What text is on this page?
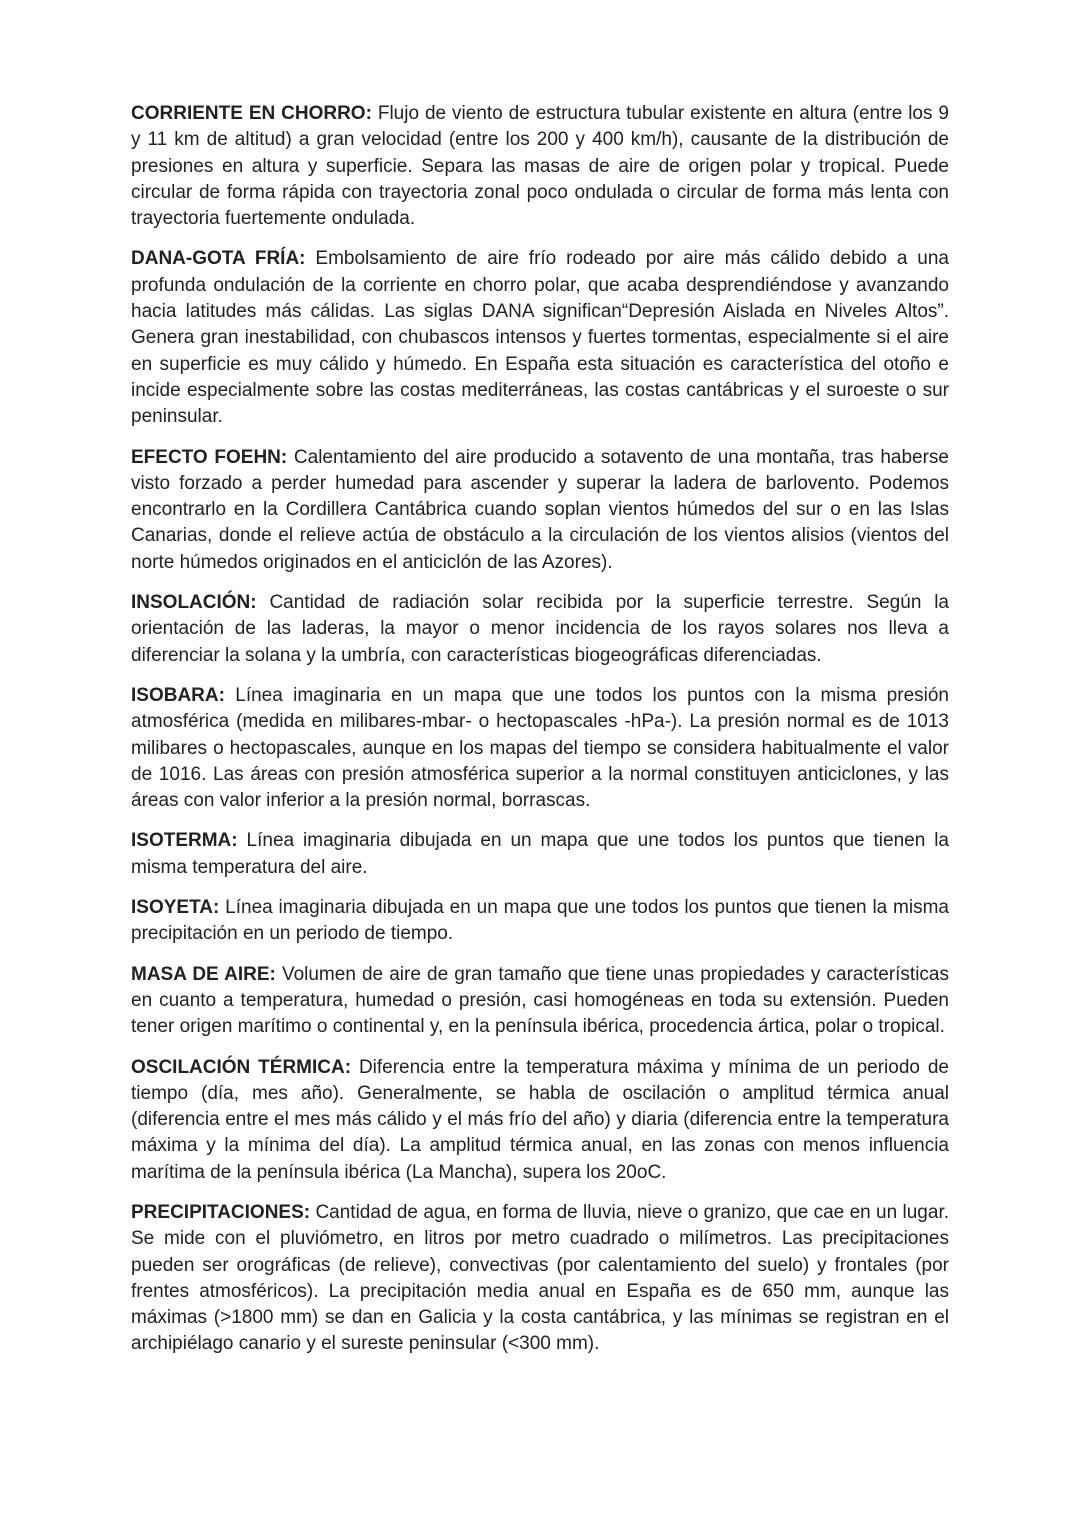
CORRIENTE EN CHORRO: Flujo de viento de estructura tubular existente en altura (entre los 9 y 11 km de altitud) a gran velocidad (entre los 200 y 400 km/h), causante de la distribución de presiones en altura y superficie. Separa las masas de aire de origen polar y tropical. Puede circular de forma rápida con trayectoria zonal poco ondulada o circular de forma más lenta con trayectoria fuertemente ondulada.

DANA-GOTA FRÍA: Embolsamiento de aire frío rodeado por aire más cálido debido a una profunda ondulación de la corriente en chorro polar, que acaba desprendiéndose y avanzando hacia latitudes más cálidas. Las siglas DANA significan“Depresión Aislada en Niveles Altos”. Genera gran inestabilidad, con chubascos intensos y fuertes tormentas, especialmente si el aire en superficie es muy cálido y húmedo. En España esta situación es característica del otoño e incide especialmente sobre las costas mediterráneas, las costas cantábricas y el suroeste o sur peninsular.

EFECTO FOEHN: Calentamiento del aire producido a sotavento de una montaña, tras haberse visto forzado a perder humedad para ascender y superar la ladera de barlovento. Podemos encontrarlo en la Cordillera Cantábrica cuando soplan vientos húmedos del sur o en las Islas Canarias, donde el relieve actúa de obstáculo a la circulación de los vientos alisios (vientos del norte húmedos originados en el anticiclón de las Azores).

INSOLACIÓN: Cantidad de radiación solar recibida por la superficie terrestre. Según la orientación de las laderas, la mayor o menor incidencia de los rayos solares nos lleva a diferenciar la solana y la umbría, con características biogeográficas diferenciadas.

ISOBARA: Línea imaginaria en un mapa que une todos los puntos con la misma presión atmosférica (medida en milibares-mbar- o hectopascales -hPa-). La presión normal es de 1013 milibares o hectopascales, aunque en los mapas del tiempo se considera habitualmente el valor de 1016. Las áreas con presión atmosférica superior a la normal constituyen anticiclones, y las áreas con valor inferior a la presión normal, borrascas.

ISOTERMA: Línea imaginaria dibujada en un mapa que une todos los puntos que tienen la misma temperatura del aire.

ISOYETA: Línea imaginaria dibujada en un mapa que une todos los puntos que tienen la misma precipitación en un periodo de tiempo.

MASA DE AIRE: Volumen de aire de gran tamaño que tiene unas propiedades y características en cuanto a temperatura, humedad o presión, casi homogéneas en toda su extensión. Pueden tener origen marítimo o continental y, en la península ibérica, procedencia ártica, polar o tropical.

OSCILACIÓN TÉRMICA: Diferencia entre la temperatura máxima y mínima de un periodo de tiempo (día, mes año). Generalmente, se habla de oscilación o amplitud térmica anual (diferencia entre el mes más cálido y el más frío del año) y diaria (diferencia entre la temperatura máxima y la mínima del día). La amplitud térmica anual, en las zonas con menos influencia marítima de la península ibérica (La Mancha), supera los 20oC.

PRECIPITACIONES: Cantidad de agua, en forma de lluvia, nieve o granizo, que cae en un lugar. Se mide con el pluviómetro, en litros por metro cuadrado o milímetros. Las precipitaciones pueden ser orográficas (de relieve), convectivas (por calentamiento del suelo) y frontales (por frentes atmosféricos). La precipitación media anual en España es de 650 mm, aunque las máximas (>1800 mm) se dan en Galicia y la costa cantábrica, y las mínimas se registran en el archipiélago canario y el sureste peninsular (<300 mm).
